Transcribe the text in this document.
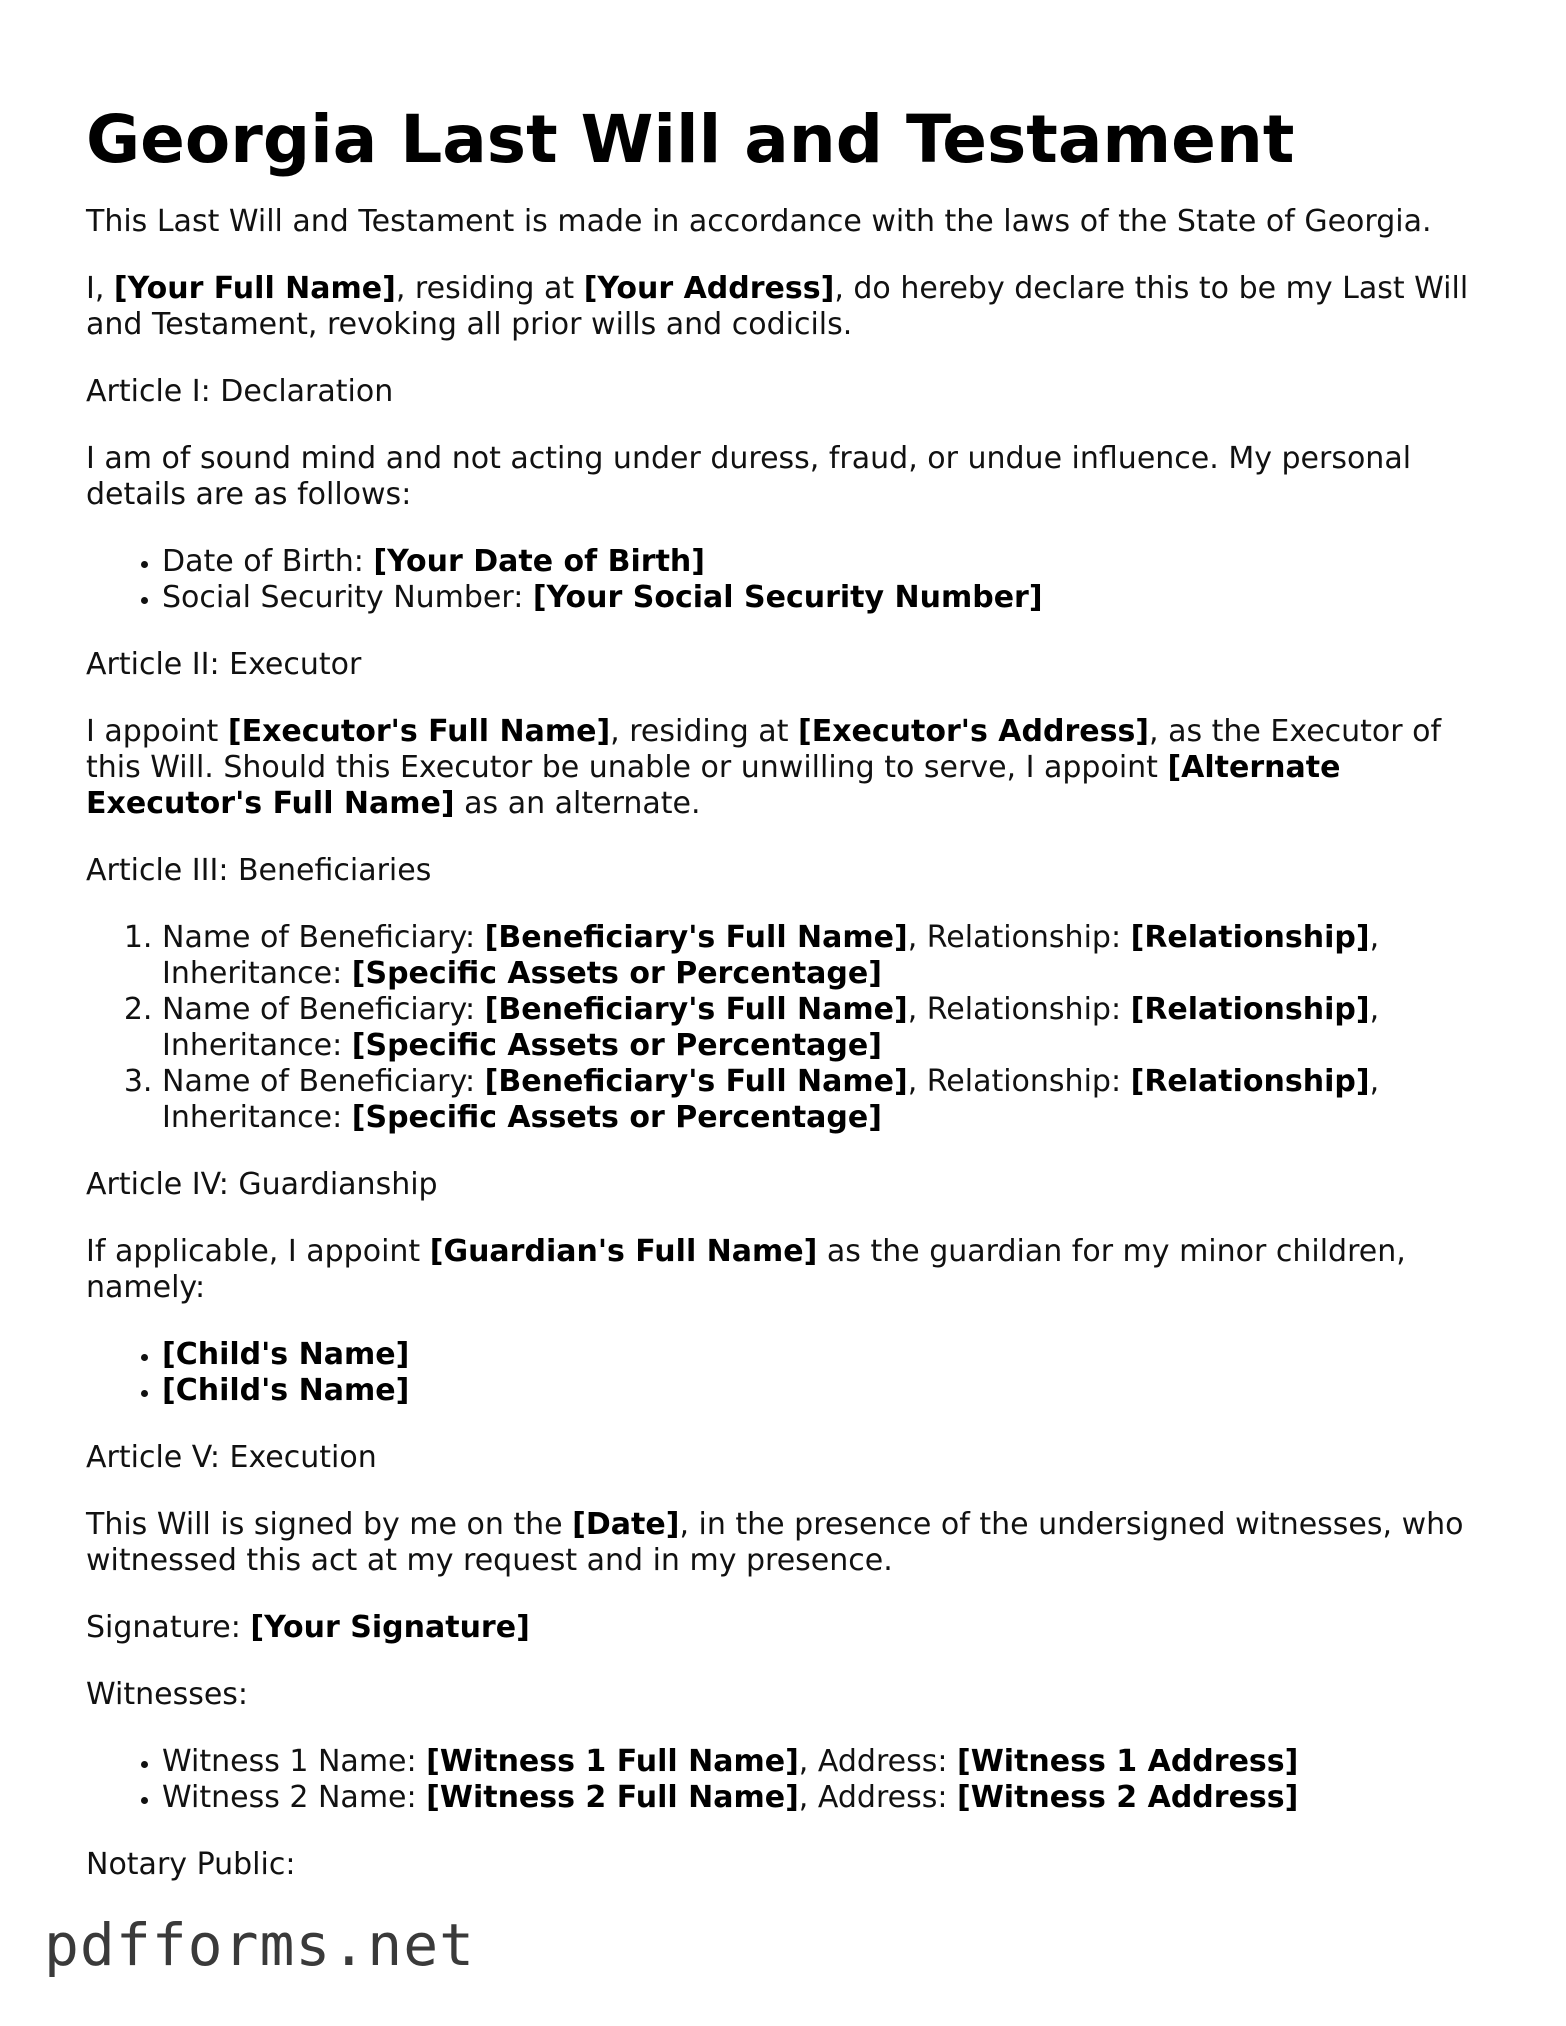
Georgia Last Will and Testament

This Last Will and Testament is made in accordance with the laws of the State of Georgia.

I, [Your Full Name], residing at [Your Address], do hereby declare this to be my Last Will and Testament, revoking all prior wills and codicils.

Article I: Declaration

I am of sound mind and not acting under duress, fraud, or undue influence. My personal details are as follows:

• Date of Birth: [Your Date of Birth]
• Social Security Number: [Your Social Security Number]

Article II: Executor

I appoint [Executor's Full Name], residing at [Executor's Address], as the Executor of this Will. Should this Executor be unable or unwilling to serve, I appoint [Alternate Executor's Full Name] as an alternate.

Article III: Beneficiaries

1. Name of Beneficiary: [Beneficiary's Full Name], Relationship: [Relationship], Inheritance: [Specific Assets or Percentage]
2. Name of Beneficiary: [Beneficiary's Full Name], Relationship: [Relationship], Inheritance: [Specific Assets or Percentage]
3. Name of Beneficiary: [Beneficiary's Full Name], Relationship: [Relationship], Inheritance: [Specific Assets or Percentage]

Article IV: Guardianship

If applicable, I appoint [Guardian's Full Name] as the guardian for my minor children, namely:

• [Child's Name]
• [Child's Name]

Article V: Execution

This Will is signed by me on the [Date], in the presence of the undersigned witnesses, who witnessed this act at my request and in my presence.

Signature: [Your Signature]

Witnesses:

• Witness 1 Name: [Witness 1 Full Name], Address: [Witness 1 Address]
• Witness 2 Name: [Witness 2 Full Name], Address: [Witness 2 Address]

Notary Public:

pdfforms.net
